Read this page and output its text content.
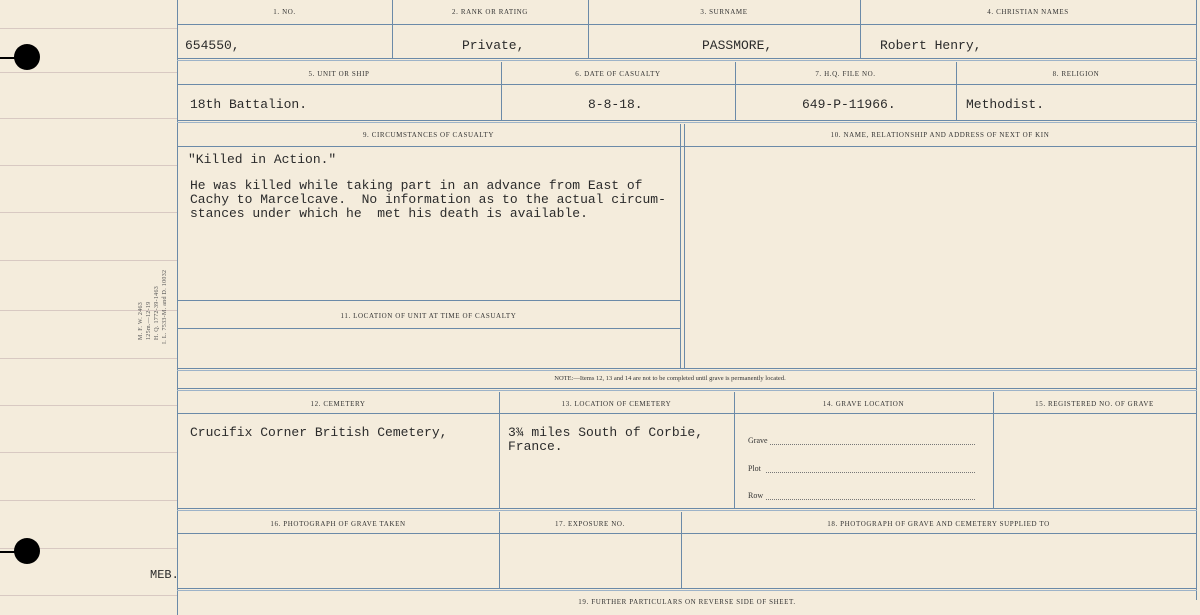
M. F. W. 2463 125m.—12-19 H. Q. 1772-39-1463 I. L. 7533-M. and D. 10032
1. NO.	2. RANK OR RATING	3. SURNAME	4. CHRISTIAN NAMES
654550,	Private,	PASSMORE,	Robert Henry,
5. UNIT OR SHIP	6. DATE OF CASUALTY	7. H.Q. FILE NO.	8. RELIGION
18th Battalion.	8-8-18.	649-P-11966.	Methodist.
9. CIRCUMSTANCES OF CASUALTY	10. NAME, RELATIONSHIP AND ADDRESS OF NEXT OF KIN
11. LOCATION OF UNIT AT TIME OF CASUALTY
"Killed in Action."
He was killed while taking part in an advance from East of
Cachy to Marcelcave.  No information as to the actual circum-
stances under which he  met his death is available.
NOTE:—Items 12, 13 and 14 are not to be completed until grave is permanently located.
12. CEMETERY	13. LOCATION OF CEMETERY	14. GRAVE LOCATION	15. REGISTERED NO. OF GRAVE
Crucifix Corner British Cemetery,	3¾ miles South of Corbie,
France.	Grave
Plot
Row
16. PHOTOGRAPH OF GRAVE TAKEN	17. EXPOSURE NO.	18. PHOTOGRAPH OF GRAVE AND CEMETERY SUPPLIED TO
MEB.
19. FURTHER PARTICULARS ON REVERSE SIDE OF SHEET.
